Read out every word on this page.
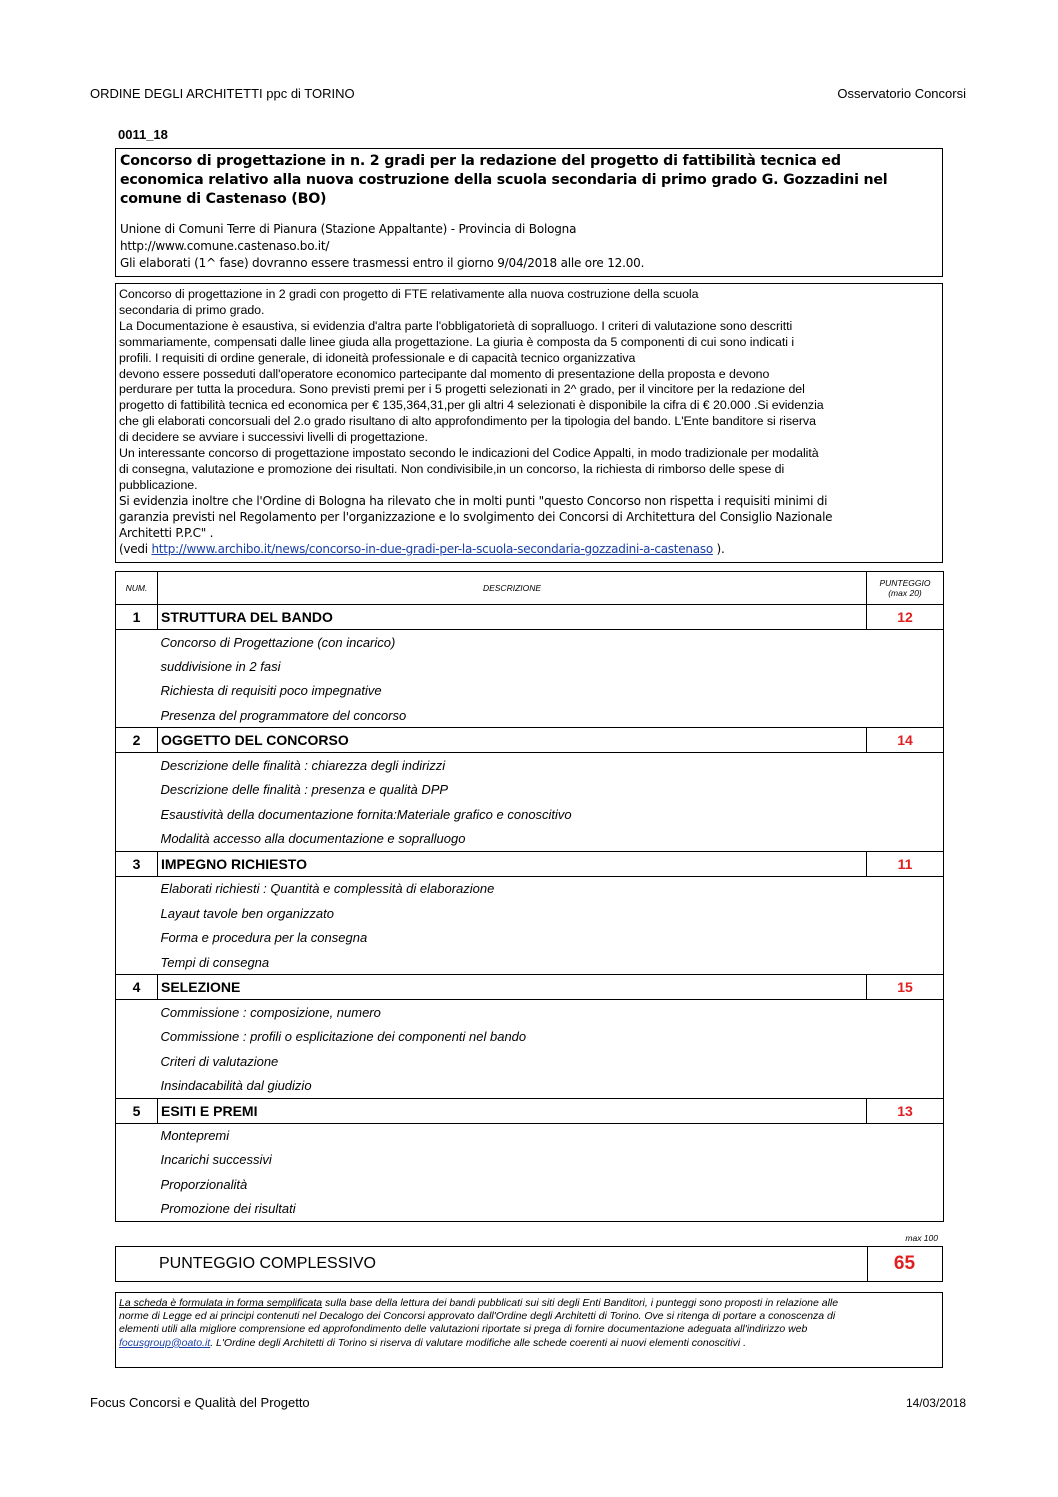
ORDINE DEGLI ARCHITETTI ppc di TORINO	Osservatorio Concorsi
0011_18
Concorso di progettazione in n. 2 gradi per la redazione del progetto di fattibilità tecnica ed
economica relativo alla nuova costruzione della scuola secondaria di primo grado G. Gozzadini nel
comune di Castenaso (BO)
Unione di Comuni Terre di Pianura (Stazione Appaltante) - Provincia di Bologna
http://www.comune.castenaso.bo.it/
Gli elaborati (1^ fase) dovranno essere trasmessi entro il giorno 9/04/2018 alle ore 12.00.
Concorso di progettazione in 2 gradi con progetto di FTE relativamente alla nuova costruzione della scuola
secondaria di primo grado.
La Documentazione è esaustiva, si evidenzia d'altra parte l'obbligatorietà di sopralluogo. I criteri di valutazione sono descritti
sommariamente, compensati dalle linee giuda alla progettazione. La giuria è composta da 5 componenti di cui sono indicati i
profili. I requisiti di ordine generale, di idoneità professionale e di capacità tecnico organizzativa
devono essere posseduti dall'operatore economico partecipante dal momento di presentazione della proposta e devono
perdurare per tutta la procedura. Sono previsti premi per i 5 progetti selezionati in 2^ grado, per il vincitore per la redazione del
progetto di fattibilità tecnica ed economica per € 135,364,31,per gli altri 4 selezionati è disponibile la cifra di € 20.000 .Si evidenzia
che gli elaborati concorsuali del 2.o grado risultano di alto approfondimento per la tipologia del bando. L'Ente banditore si riserva
di decidere se avviare i successivi livelli di progettazione.
Un interessante concorso di progettazione impostato secondo le indicazioni del Codice Appalti, in modo tradizionale per modalità
di consegna, valutazione e promozione dei risultati. Non condivisibile,in un concorso, la richiesta di rimborso delle spese di
pubblicazione.
Si evidenzia inoltre che l'Ordine di Bologna ha rilevato che in molti punti "questo Concorso non rispetta i requisiti minimi di
garanzia previsti nel Regolamento per l'organizzazione e lo svolgimento dei Concorsi di Architettura del Consiglio Nazionale
Architetti P.P.C" .
(vedi http://www.archibo.it/news/concorso-in-due-gradi-per-la-scuola-secondaria-gozzadini-a-castenaso ).
NUM.	DESCRIZIONE	PUNTEGGIO
(max 20)

1	STRUTTURA DEL BANDO	12
	Concorso di Progettazione (con incarico)	
	suddivisione in 2 fasi	
	Richiesta di requisiti poco impegnative	
	Presenza del programmatore del concorso	
2	OGGETTO DEL CONCORSO	14
	Descrizione delle finalità : chiarezza degli indirizzi	
	Descrizione delle finalità : presenza e qualità DPP	
	Esaustività della documentazione fornita:Materiale grafico e conoscitivo	
	Modalità accesso alla documentazione e sopralluogo	
3	IMPEGNO RICHIESTO	11
	Elaborati richiesti : Quantità e complessità di elaborazione	
	Layaut tavole ben organizzato	
	Forma e procedura per la consegna	
	Tempi di consegna	
4	SELEZIONE	15
	Commissione : composizione, numero	
	Commissione : profili o esplicitazione dei componenti nel bando	
	Criteri di valutazione	
	Insindacabilità dal giudizio	
5	ESITI E PREMI	13
	Montepremi	
	Incarichi successivi	
	Proporzionalità	
	Promozione dei risultati	
max 100
PUNTEGGIO COMPLESSIVO	65
La scheda è formulata in forma semplificata sulla base della lettura dei bandi pubblicati sui siti degli Enti Banditori, i punteggi sono proposti in relazione alle
norme di Legge ed ai principi contenuti nel Decalogo dei Concorsi approvato dall'Ordine degli Architetti di Torino. Ove si ritenga di portare a conoscenza di
elementi utili alla migliore comprensione ed approfondimento delle valutazioni riportate si prega di fornire documentazione adeguata all'indirizzo web
focusgroup@oato.it. L'Ordine degli Architetti di Torino si riserva di valutare modifiche alle schede coerenti ai nuovi elementi conoscitivi .
Focus Concorsi e Qualità del Progetto	14/03/2018
